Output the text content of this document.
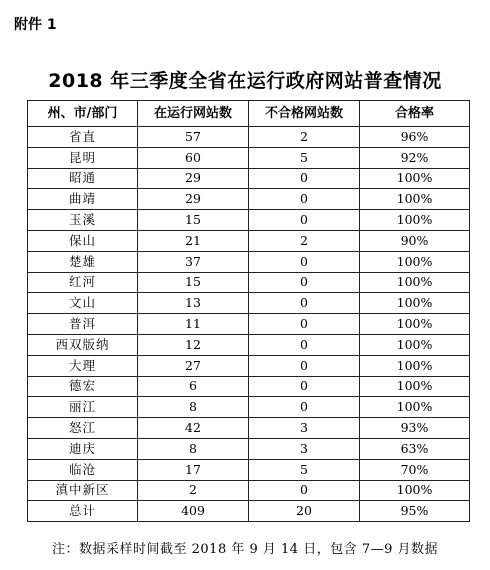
附件 1
2018 年三季度全省在运行政府网站普查情况
州、市/部门	在运行网站数	不合格网站数	合格率
省直	57	2	96%
昆明	60	5	92%
昭通	29	0	100%
曲靖	29	0	100%
玉溪	15	0	100%
保山	21	2	90%
楚雄	37	0	100%
红河	15	0	100%
文山	13	0	100%
普洱	11	0	100%
西双版纳	12	0	100%
大理	27	0	100%
德宏	6	0	100%
丽江	8	0	100%
怒江	42	3	93%
迪庆	8	3	63%
临沧	17	5	70%
滇中新区	2	0	100%
总计	409	20	95%
注：数据采样时间截至 2018 年 9 月 14 日，包含 7—9 月数据
